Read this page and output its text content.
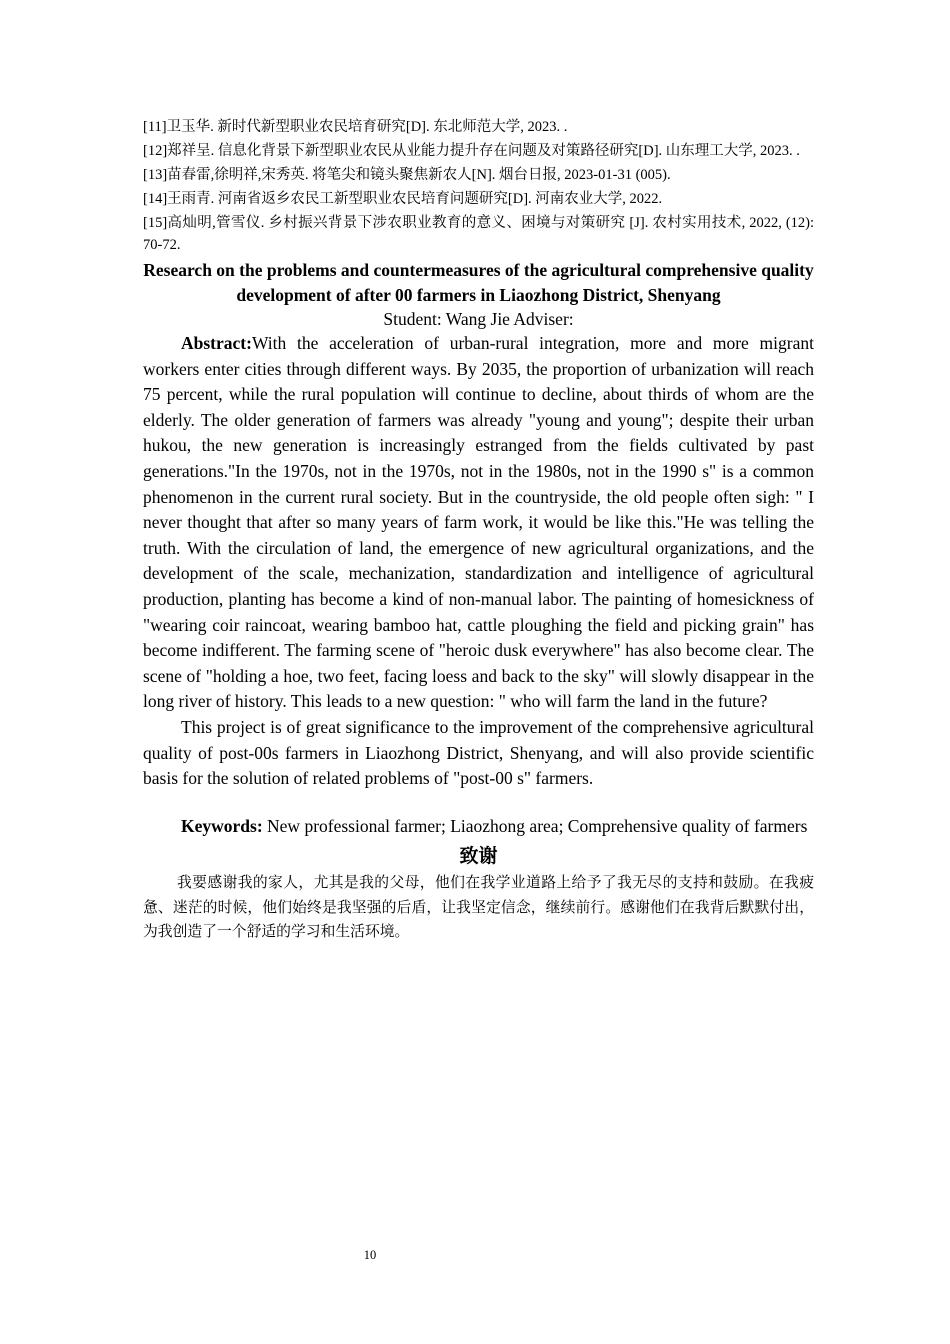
[11]卫玉华. 新时代新型职业农民培育研究[D]. 东北师范大学, 2023. .

[12]郑祥呈. 信息化背景下新型职业农民从业能力提升存在问题及对策路径研究[D]. 山东理工大学, 2023. .

[13]苗春雷,徐明祥,宋秀英. 将笔尖和镜头聚焦新农人[N]. 烟台日报, 2023-01-31 (005).

[14]王雨青. 河南省返乡农民工新型职业农民培育问题研究[D]. 河南农业大学, 2022.

[15]高灿明,管雪仪. 乡村振兴背景下涉农职业教育的意义、困境与对策研究 [J]. 农村实用技术, 2022, (12): 70-72.

Research on the problems and countermeasures of the agricultural comprehensive quality development of after 00 farmers in Liaozhong District, Shenyang

Student: Wang Jie Adviser:

Abstract:With the acceleration of urban-rural integration, more and more migrant workers enter cities through different ways. By 2035, the proportion of urbanization will reach 75 percent, while the rural population will continue to decline, about thirds of whom are the elderly. The older generation of farmers was already "young and young"; despite their urban hukou, the new generation is increasingly estranged from the fields cultivated by past generations."In the 1970s, not in the 1970s, not in the 1980s, not in the 1990 s" is a common phenomenon in the current rural society. But in the countryside, the old people often sigh: " I never thought that after so many years of farm work, it would be like this."He was telling the truth. With the circulation of land, the emergence of new agricultural organizations, and the development of the scale, mechanization, standardization and intelligence of agricultural production, planting has become a kind of non-manual labor. The painting of homesickness of "wearing coir raincoat, wearing bamboo hat, cattle ploughing the field and picking grain" has become indifferent. The farming scene of "heroic dusk everywhere" has also become clear. The scene of "holding a hoe, two feet, facing loess and back to the sky" will slowly disappear in the long river of history. This leads to a new question: " who will farm the land in the future?

This project is of great significance to the improvement of the comprehensive agricultural quality of post-00s farmers in Liaozhong District, Shenyang, and will also provide scientific basis for the solution of related problems of "post-00 s" farmers.

Keywords: New professional farmer; Liaozhong area; Comprehensive quality of farmers

致谢

我要感谢我的家人，尤其是我的父母，他们在我学业道路上给予了我无尽的支持和鼓励。在我疲惫、迷茫的时候，他们始终是我坚强的后盾，让我坚定信念，继续前行。感谢他们在我背后默默付出，为我创造了一个舒适的学习和生活环境。

10
